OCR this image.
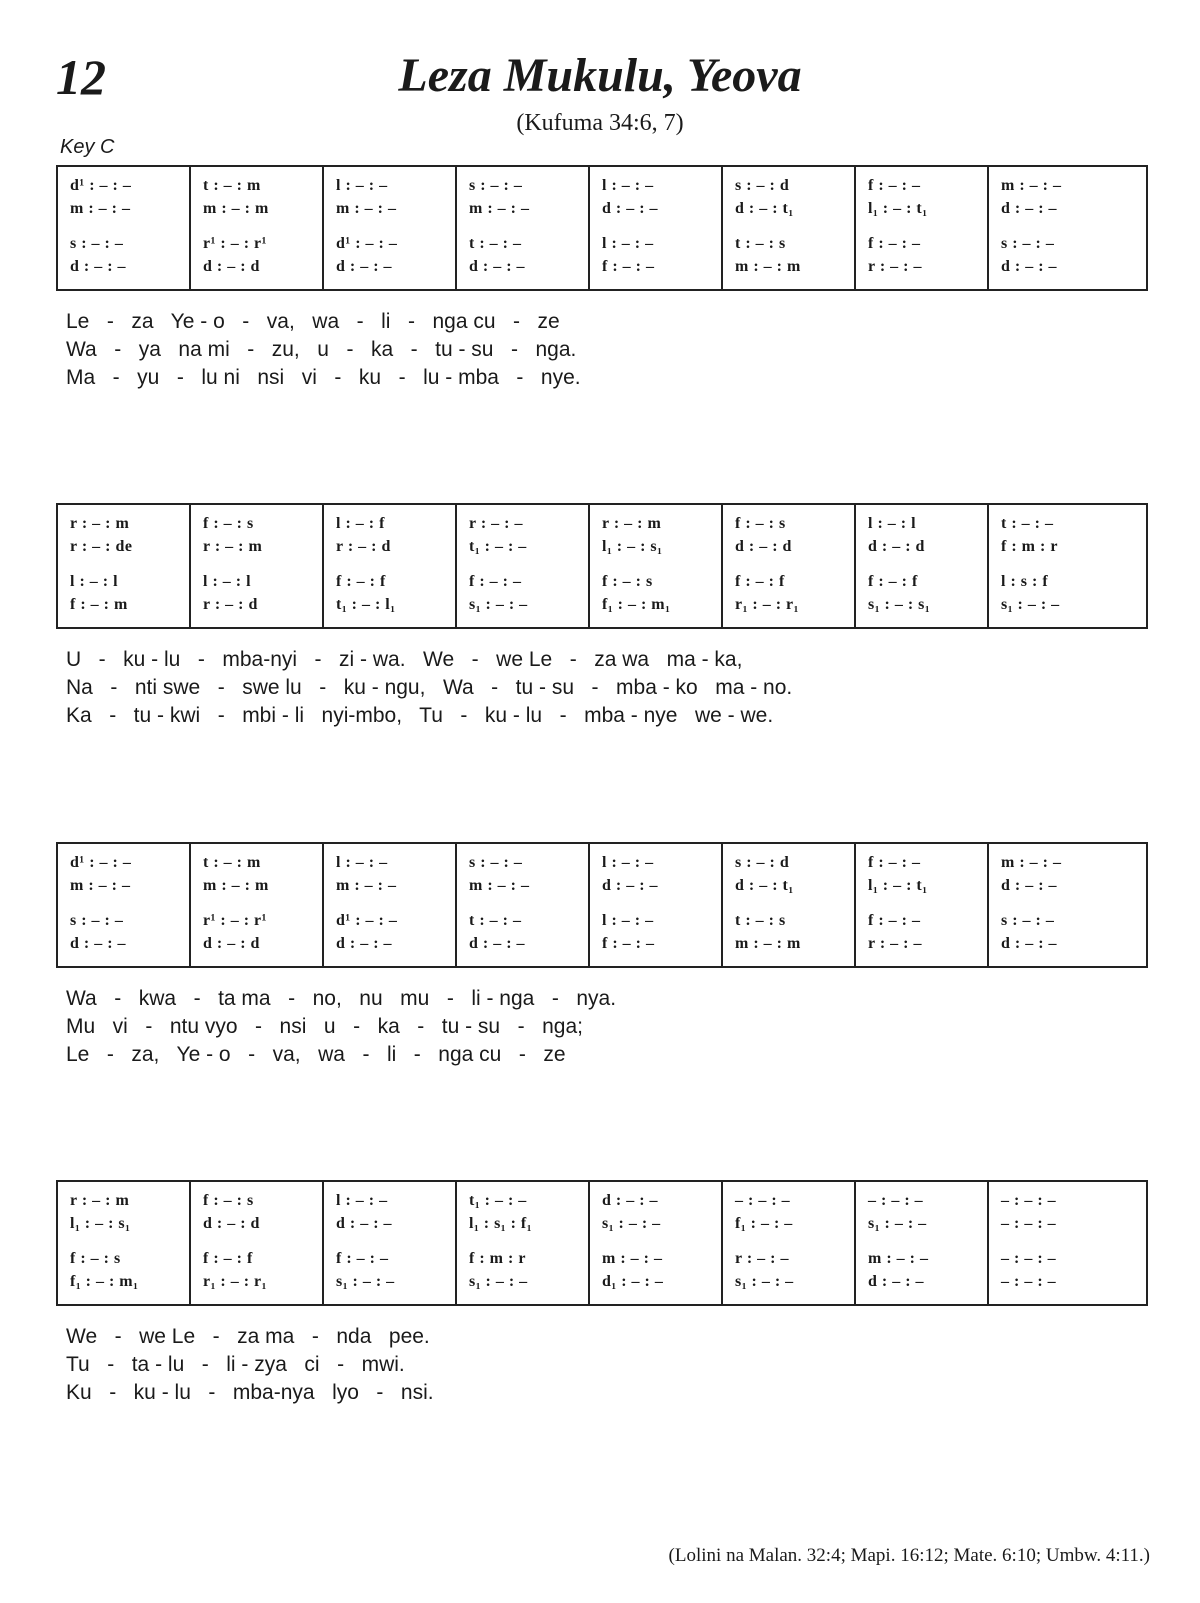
12	Leza Mukulu, Yeova
(Kufuma 34:6, 7)
Key C
d¹ : – : –
m : – : –
s : – : –
d : – : –
t : – : m
m : – : m
r¹ : – : r¹
d : – : d
l : – : –
m : – : –
d¹ : – : –
d : – : –
s : – : –
m : – : –
t : – : –
d : – : –
l : – : –
d : – : –
l : – : –
f : – : –
s : – : d
d : – : t₁
t : – : s
m : – : m
f : – : –
l₁ : – : t₁
f : – : –
r : – : –
m : – : –
d : – : –
s : – : –
d : – : –
Le   -   za   Ye - o   -   va,   wa   -   li   -   nga cu   -   ze
Wa   -   ya   na mi   -   zu,   u   -   ka   -   tu - su   -   nga.
Ma   -   yu   -   lu ni   nsi   vi   -   ku   -   lu - mba   -   nye.
r : – : m
r : – : de
l : – : l
f : – : m
f : – : s
r : – : m
l : – : l
r : – : d
l : – : f
r : – : d
f : – : f
t₁ : – : l₁
r : – : –
t₁ : – : –
f : – : –
s₁ : – : –
r : – : m
l₁ : – : s₁
f : – : s
f₁ : – : m₁
f : – : s
d : – : d
f : – : f
r₁ : – : r₁
l : – : l
d : – : d
f : – : f
s₁ : – : s₁
t : – : –
f : m : r
l : s : f
s₁ : – : –
U   -   ku - lu   -   mba-nyi   -   zi - wa.   We   -   we Le   -   za wa   ma - ka,
Na   -   nti swe   -   swe lu   -   ku - ngu,   Wa   -   tu - su   -   mba - ko   ma - no.
Ka   -   tu - kwi   -   mbi - li   nyi-mbo,   Tu   -   ku - lu   -   mba - nye   we - we.
d¹ : – : –
m : – : –
s : – : –
d : – : –
t : – : m
m : – : m
r¹ : – : r¹
d : – : d
l : – : –
m : – : –
d¹ : – : –
d : – : –
s : – : –
m : – : –
t : – : –
d : – : –
l : – : –
d : – : –
l : – : –
f : – : –
s : – : d
d : – : t₁
t : – : s
m : – : m
f : – : –
l₁ : – : t₁
f : – : –
r : – : –
m : – : –
d : – : –
s : – : –
d : – : –
Wa   -   kwa   -   ta ma   -   no,   nu   mu   -   li - nga   -   nya.
Mu   vi   -   ntu vyo   -   nsi   u   -   ka   -   tu - su   -   nga;
Le   -   za,   Ye - o   -   va,   wa   -   li   -   nga cu   -   ze
r : – : m
l₁ : – : s₁
f : – : s
f₁ : – : m₁
f : – : s
d : – : d
f : – : f
r₁ : – : r₁
l : – : –
d : – : –
f : – : –
s₁ : – : –
t₁ : – : –
l₁ : s₁ : f₁
f : m : r
s₁ : – : –
d : – : –
s₁ : – : –
m : – : –
d₁ : – : –
– : – : –
f₁ : – : –
r : – : –
s₁ : – : –
– : – : –
s₁ : – : –
m : – : –
d : – : –
– : – : –
– : – : –
– : – : –
– : – : –
We   -   we Le   -   za ma   -   nda   pee.
Tu   -   ta - lu   -   li - zya   ci   -   mwi.
Ku   -   ku - lu   -   mba-nya   lyo   -   nsi.
(Lolini na Malan. 32:4; Mapi. 16:12; Mate. 6:10; Umbw. 4:11.)
